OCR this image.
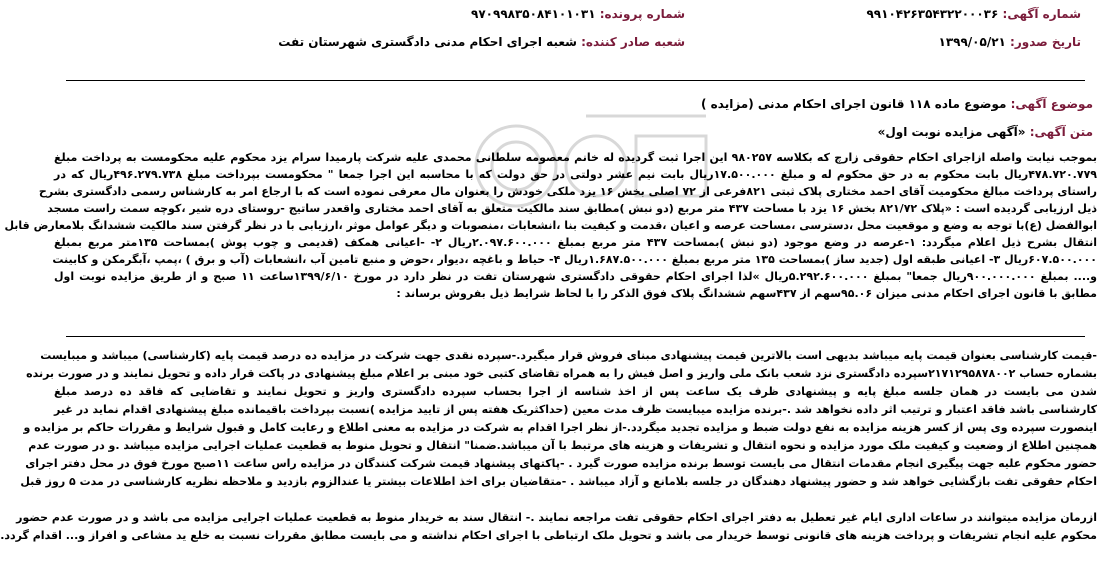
شماره آگهی: ۹۹۱۰۴۲۶۳۵۴۳۲۲۰۰۰۳۶
شماره پرونده: ۹۷۰۹۹۸۳۵۰۸۴۱۰۱۰۳۱
تاریخ صدور: ۱۳۹۹/۰۵/۲۱
شعبه صادر کننده: شعبه اجرای احکام مدنی دادگستری شهرستان تفت
موضوع آگهی: موضوع ماده ۱۱۸ قانون اجرای احکام مدنی (مزایده )
متن آگهی: «آگهی مزایده نوبت اول»
بموجب نیابت واصله ازاجرای احکام حقوقی زارچ که بکلاسه ۹۸۰۲۵۷ این اجرا ثبت گردیده له خانم معصومه سلطانی محمدی علیه شرکت پارمیدا سرام یزد محکوم علیه محکومست به پرداخت مبلغ
۴۷۸.۷۲۰.۷۷۹ریال بابت محکوم به در حق محکوم له و مبلغ ۱۷.۵۰۰.۰۰۰ریال بابت نیم عشر دولتی در حق دولت که با محاسبه این اجرا جمعا " محکومست بپرداخت مبلغ ۴۹۶.۲۷۹.۷۳۸ریال که در
راستای پرداخت مبالغ محکومیت آقای احمد مختاری پلاک ثبتی ۸۲۱فرعی از ۷۲ اصلی بخش ۱۶ یزد ملکی خودش را بعنوان مال معرفی نموده است که با ارجاع امر به کارشناس رسمی دادگستری بشرح
ذیل ارزیابی گردیده است : «پلاک ۸۲۱/۷۲ بخش ۱۶ یزد با مساحت ۴۳۷ متر مربع (دو نبش )مطابق سند مالکیت متعلق به آقای احمد مختاری واقعدر ساتیج -روستای دره شیر ،کوچه سمت راست مسجد
ابوالفضل (ع)با توجه به وضع و موقعیت محل ،دسترسی ،مساحت عرصه و اعیان ،قدمت و کیفیت بنا ،انشعابات ،منصوبات و دیگر عوامل موثر ،ارزیابی با در نظر گرفتن سند مالکیت ششدانگ بلامعارض قابل
انتقال بشرح ذیل اعلام میگردد: ۱-عرصه در وضع موجود (دو نبش )بمساحت ۴۳۷ متر مربع بمبلغ ۲.۰۹۷.۶۰۰.۰۰۰ریال ۲- -اعیانی همکف (قدیمی و چوب پوش )بمساحت ۱۳۵متر مربع بمبلغ
۶۰۷.۵۰۰.۰۰۰ریال ۳- اعیانی طبقه اول (جدید ساز )بمساحت ۱۳۵ متر مربع بمبلغ ۱.۶۸۷.۵۰۰.۰۰۰ریال ۴- حیاط و باغچه ،دیوار ،حوض و منبع تامین آب ،انشعابات (آب و برق ) ،پمپ ،آبگرمکن و کابینت
و.... بمبلغ ۹۰۰.۰۰۰.۰۰۰ریال جمعا" بمبلغ ۵.۲۹۲.۶۰۰.۰۰۰ریال »لذا اجرای احکام حقوقی دادگستری شهرستان تفت در نظر دارد در مورخ ۱۳۹۹/۶/۱۰ساعت ۱۱ صبح و از طریق مزایده نوبت اول
مطابق با قانون اجرای احکام مدنی میزان ۹۵.۰۶سهم از ۴۳۷سهم ششدانگ پلاک فوق الذکر را با لحاظ شرایط ذیل بفروش برساند :
-قیمت کارشناسی بعنوان قیمت پایه میباشد بدیهی است بالاترین قیمت پیشنهادی مبنای فروش قرار میگیرد.-سپرده نقدی جهت شرکت در مزایده ده درصد قیمت پایه (کارشناسی) میباشد و میبایست
بشماره حساب ۲۱۷۱۲۹۵۸۷۸۰۰۲سپرده دادگستری نزد شعب بانک ملی واریز و اصل فیش را به همراه تقاضای کتبی خود مبنی بر اعلام مبلغ پیشنهادی در پاکت قرار داده و تحویل نمایند و در صورت برنده
شدن می بایست در همان جلسه مبلغ پایه و پیشنهادی ظرف یک ساعت پس از اخذ شناسه از اجرا بحساب سپرده دادگستری واریز و تحویل نمایند و تقاضایی که فاقد ده درصد مبلغ
کارشناسی باشد فاقد اعتبار و ترتیب اثر داده نخواهد شد .-برنده مزایده میبایست ظرف مدت معین (حداکثریک هفته پس از تایید مزایده )نسبت بپرداخت باقیمانده مبلغ پیشنهادی اقدام نماید در غیر
اینصورت سپرده وی پس از کسر هزینه مزایده به نفع دولت ضبط و مزایده تجدید میگردد.-از نظر اجرا اقدام به شرکت در مزایده به معنی اطلاع و رعایت کامل و قبول شرایط و مقررات حاکم بر مزایده و
همچنین اطلاع از وضعیت و کیفیت ملک مورد مزایده و نحوه انتقال و تشریفات و هزینه های مرتبط با آن میباشد.ضمنا" انتقال و تحویل منوط به قطعیت عملیات اجرایی مزایده میباشد .و در صورت عدم
حضور محکوم علیه جهت پیگیری انجام مقدمات انتقال می بایست توسط برنده مزایده صورت گیرد . -پاکتهای پیشنهاد قیمت شرکت کنندگان در مزایده راس ساعت ۱۱صبح مورخ فوق در محل دفتر اجرای
احکام حقوقی تفت بازگشایی خواهد شد و حضور پیشنهاد دهندگان در جلسه بلامانع و آزاد میباشد . -متقاضیان برای اخذ اطلاعات بیشتر یا عندالزوم بازدید و ملاحظه نظریه کارشناسی در مدت ۵ روز قبل
ازرمان مزایده میتوانند در ساعات اداری ایام غیر تعطیل به دفتر اجرای احکام حقوقی تفت مراجعه نمایند .- انتقال سند به خریدار منوط به قطعیت عملیات اجرایی مزایده می باشد و در صورت عدم حضور
محکوم علیه انجام تشریفات و پرداخت هزینه های قانونی توسط خریدار می باشد و تحویل ملک ارتباطی با اجرای احکام نداشته و می بایست مطابق مقررات نسبت به خلع ید مشاعی و افراز و... اقدام گردد.
